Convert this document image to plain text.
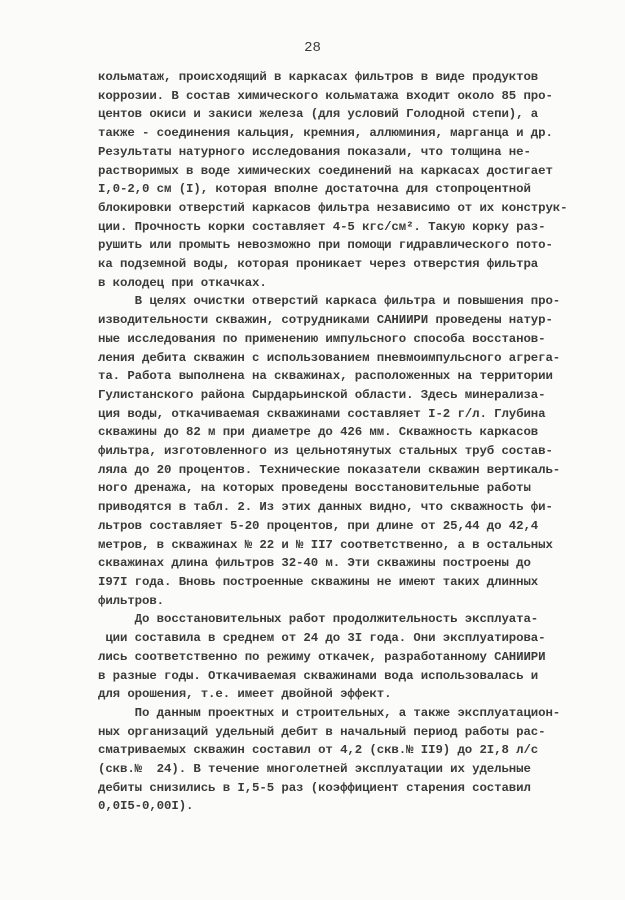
28
кольматаж, происходящий в каркасах фильтров в виде продуктов
коррозии. В состав химического кольматажа входит около 85 про-
центов окиси и закиси железа (для условий Голодной степи), а
также - соединения кальция, кремния, аллюминия, марганца и др.
Результаты натурного исследования показали, что толщина не-
растворимых в воде химических соединений на каркасах достигает
I,0-2,0 см (I), которая вполне достаточна для стопроцентной
блокировки отверстий каркасов фильтра независимо от их конструк-
ции. Прочность корки составляет 4-5 кгс/см². Такую корку раз-
рушить или промыть невозможно при помощи гидравлического пото-
ка подземной воды, которая проникает через отверстия фильтра
в колодец при откачках.
В целях очистки отверстий каркаса фильтра и повышения про-
изводительности скважин, сотрудниками САНИИРИ проведены натур-
ные исследования по применению импульсного способа восстанов-
ления дебита скважин с использованием пневмоимпульсного агрега-
та. Работа выполнена на скважинах, расположенных на территории
Гулистанского района Сырдарьинской области. Здесь минерализа-
ция воды, откачиваемая скважинами составляет I-2 г/л. Глубина
скважины до 82 м при диаметре до 426 мм. Скважность каркасов
фильтра, изготовленного из цельнотянутых стальных труб состав-
ляла до 20 процентов. Технические показатели скважин вертикаль-
ного дренажа, на которых проведены восстановительные работы
приводятся в табл. 2. Из этих данных видно, что скважность фи-
льтров составляет 5-20 процентов, при длине от 25,44 до 42,4
метров, в скважинах № 22 и № II7 соответственно, а в остальных
скважинах длина фильтров 32-40 м. Эти скважины построены до
I97I года. Вновь построенные скважины не имеют таких длинных
фильтров.
До восстановительных работ продолжительность эксплуата-
ции составила в среднем от 24 до 3I года. Они эксплуатирова-
лись соответственно по режиму откачек, разработанному САНИИРИ
в разные годы. Откачиваемая скважинами вода использовалась и
для орошения, т.е. имеет двойной эффект.
По данным проектных и строительных, а также эксплуатацион-
ных организаций удельный дебит в начальный период работы рас-
сматриваемых скважин составил от 4,2 (скв.№ II9) до 2I,8 л/с
(скв.№  24). В течение многолетней эксплуатации их удельные
дебиты снизились в I,5-5 раз (коэффициент старения составил
0,0I5-0,00I).
